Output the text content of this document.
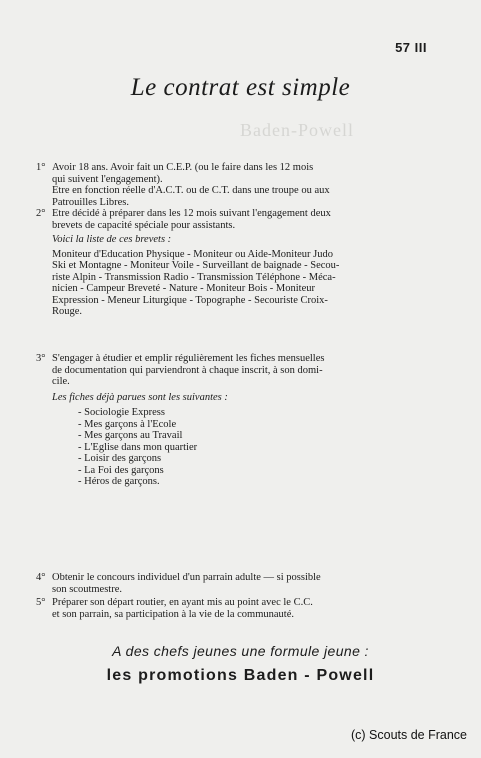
57 III
Baden-Powell
Le contrat est simple
1° Avoir 18 ans. Avoir fait un C.E.P. (ou le faire dans les 12 mois
qui suivent l'engagement).
Etre en fonction réelle d'A.C.T. ou de C.T. dans une troupe ou aux
Patrouilles Libres.
2° Etre décidé à préparer dans les 12 mois suivant l'engagement deux
brevets de capacité spéciale pour assistants.
Voici la liste de ces brevets :
Moniteur d'Education Physique - Moniteur ou Aide-Moniteur Judo
Ski et Montagne - Moniteur Voile - Surveillant de baignade - Secou-
riste Alpin - Transmission Radio - Transmission Téléphone - Méca-
nicien - Campeur Breveté - Nature - Moniteur Bois - Moniteur
Expression - Meneur Liturgique - Topographe - Secouriste Croix-
Rouge.
3° S'engager à étudier et emplir régulièrement les fiches mensuelles
de documentation qui parviendront à chaque inscrit, à son domi-
cile.
Les fiches déjà parues sont les suivantes :
- Sociologie Express
- Mes garçons à l'Ecole
- Mes garçons au Travail
- L'Eglise dans mon quartier
- Loisir des garçons
- La Foi des garçons
- Héros de garçons.
4° Obtenir le concours individuel d'un parrain adulte — si possible
son scoutmestre.
5° Préparer son départ routier, en ayant mis au point avec le C.C.
et son parrain, sa participation à la vie de la communauté.
A des chefs jeunes une formule jeune :
les promotions Baden - Powell
(c) Scouts de France
